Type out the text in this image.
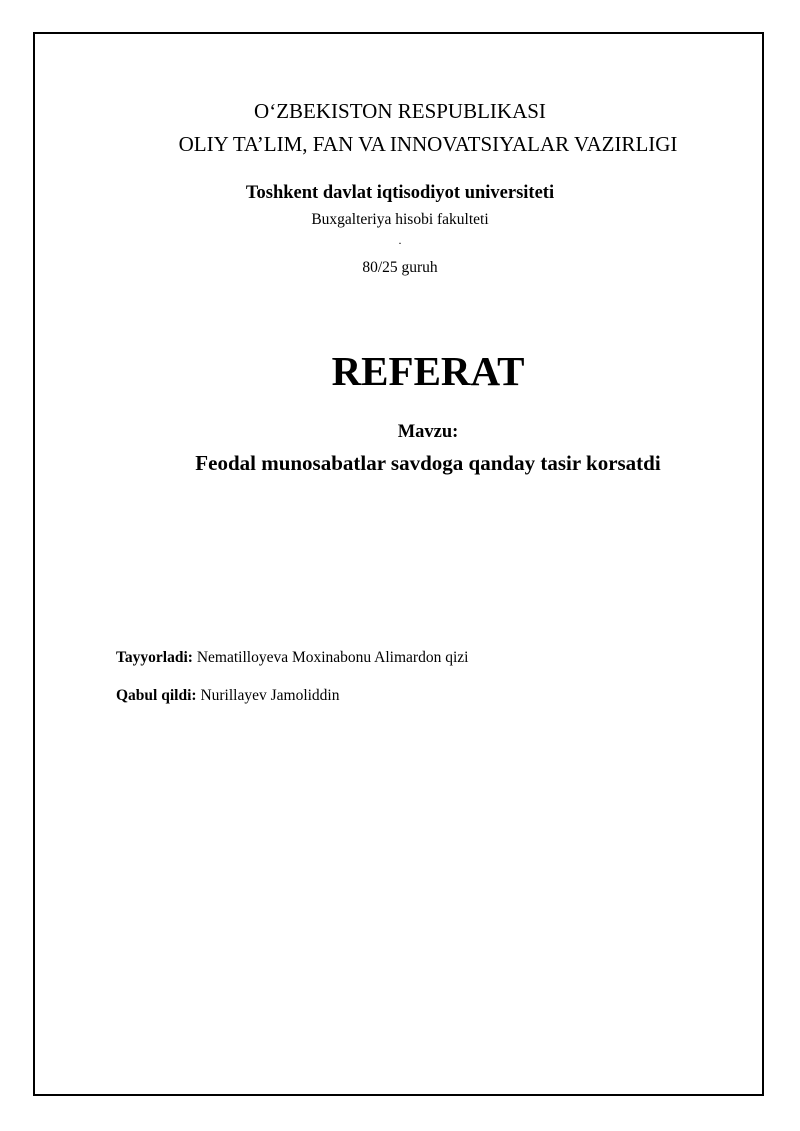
O‘ZBEKISTON RESPUBLIKASI
OLIY TA’LIM, FAN VA INNOVATSIYALAR VAZIRLIGI
Toshkent davlat iqtisodiyot universiteti
Buxgalteriya hisobi fakulteti
.
80/25 guruh
REFERAT
Mavzu:
Feodal munosabatlar savdoga qanday tasir korsatdi
Tayyorladi: Nematilloyeva Moxinabonu Alimardon qizi
Qabul qildi: Nurillayev Jamoliddin
